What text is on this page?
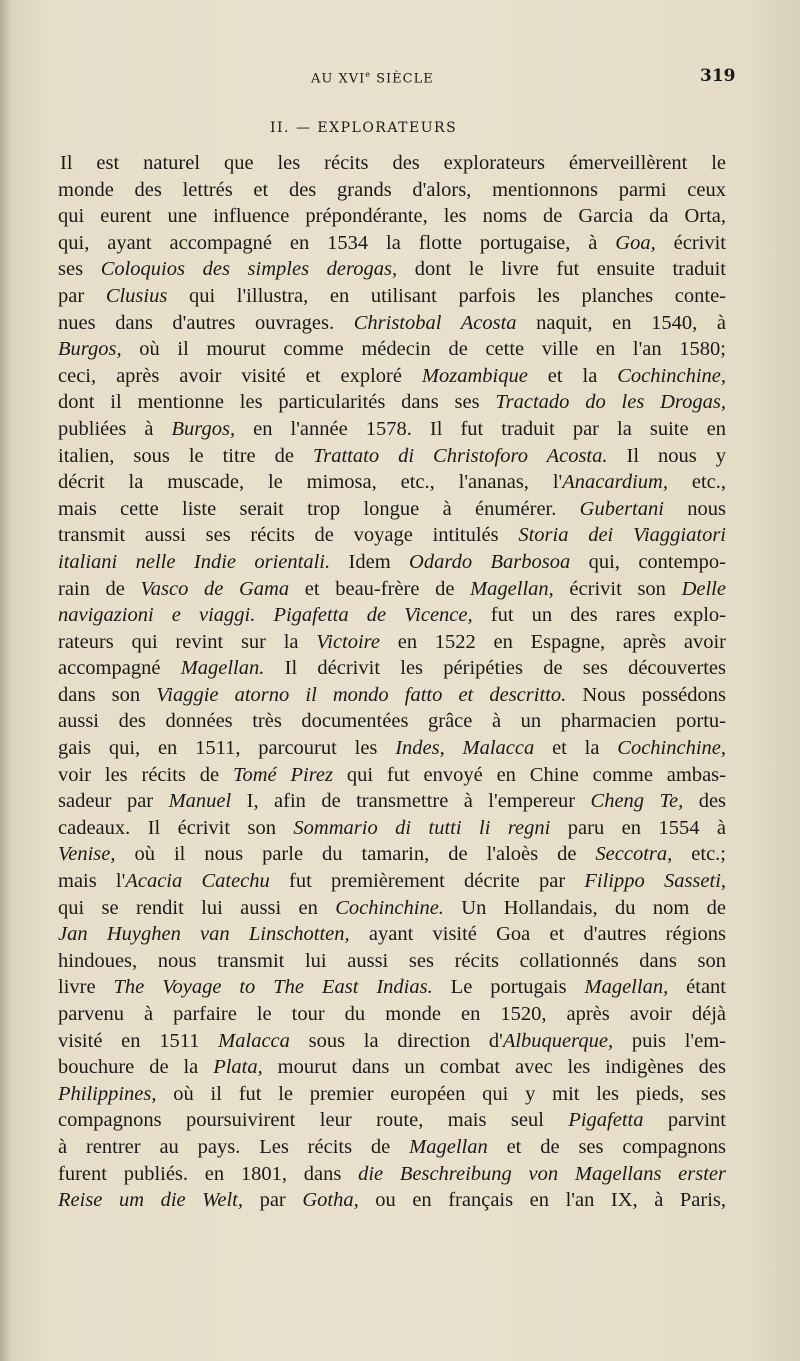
AU XVIe SIÈCLE	319
II. — EXPLORATEURS
Il est naturel que les récits des explorateurs émerveillèrent le
monde des lettrés et des grands d'alors, mentionnons parmi ceux
qui eurent une influence prépondérante, les noms de Garcia da Orta,
qui, ayant accompagné en 1534 la flotte portugaise, à Goa, écrivit
ses Coloquios des simples derogas, dont le livre fut ensuite traduit
par Clusius qui l'illustra, en utilisant parfois les planches conte-
nues dans d'autres ouvrages. Christobal Acosta naquit, en 1540, à
Burgos, où il mourut comme médecin de cette ville en l'an 1580;
ceci, après avoir visité et exploré Mozambique et la Cochinchine,
dont il mentionne les particularités dans ses Tractado do les Drogas,
publiées à Burgos, en l'année 1578. Il fut traduit par la suite en
italien, sous le titre de Trattato di Christoforo Acosta. Il nous y
décrit la muscade, le mimosa, etc., l'ananas, l'Anacardium, etc.,
mais cette liste serait trop longue à énumérer. Gubertani nous
transmit aussi ses récits de voyage intitulés Storia dei Viaggiatori
italiani nelle Indie orientali. Idem Odardo Barbosoa qui, contempo-
rain de Vasco de Gama et beau-frère de Magellan, écrivit son Delle
navigazioni e viaggi. Pigafetta de Vicence, fut un des rares explo-
rateurs qui revint sur la Victoire en 1522 en Espagne, après avoir
accompagné Magellan. Il décrivit les péripéties de ses découvertes
dans son Viaggie atorno il mondo fatto et descritto. Nous possédons
aussi des données très documentées grâce à un pharmacien portu-
gais qui, en 1511, parcourut les Indes, Malacca et la Cochinchine,
voir les récits de Tomé Pirez qui fut envoyé en Chine comme ambas-
sadeur par Manuel I, afin de transmettre à l'empereur Cheng Te, des
cadeaux. Il écrivit son Sommario di tutti li regni paru en 1554 à
Venise, où il nous parle du tamarin, de l'aloès de Seccotra, etc.;
mais l'Acacia Catechu fut premièrement décrite par Filippo Sasseti,
qui se rendit lui aussi en Cochinchine. Un Hollandais, du nom de
Jan Huyghen van Linschotten, ayant visité Goa et d'autres régions
hindoues, nous transmit lui aussi ses récits collationnés dans son
livre The Voyage to The East Indias. Le portugais Magellan, étant
parvenu à parfaire le tour du monde en 1520, après avoir déjà
visité en 1511 Malacca sous la direction d'Albuquerque, puis l'em-
bouchure de la Plata, mourut dans un combat avec les indigènes des
Philippines, où il fut le premier européen qui y mit les pieds, ses
compagnons poursuivirent leur route, mais seul Pigafetta parvint
à rentrer au pays. Les récits de Magellan et de ses compagnons
furent publiés. en 1801, dans die Beschreibung von Magellans erster
Reise um die Welt, par Gotha, ou en français en l'an IX, à Paris,
